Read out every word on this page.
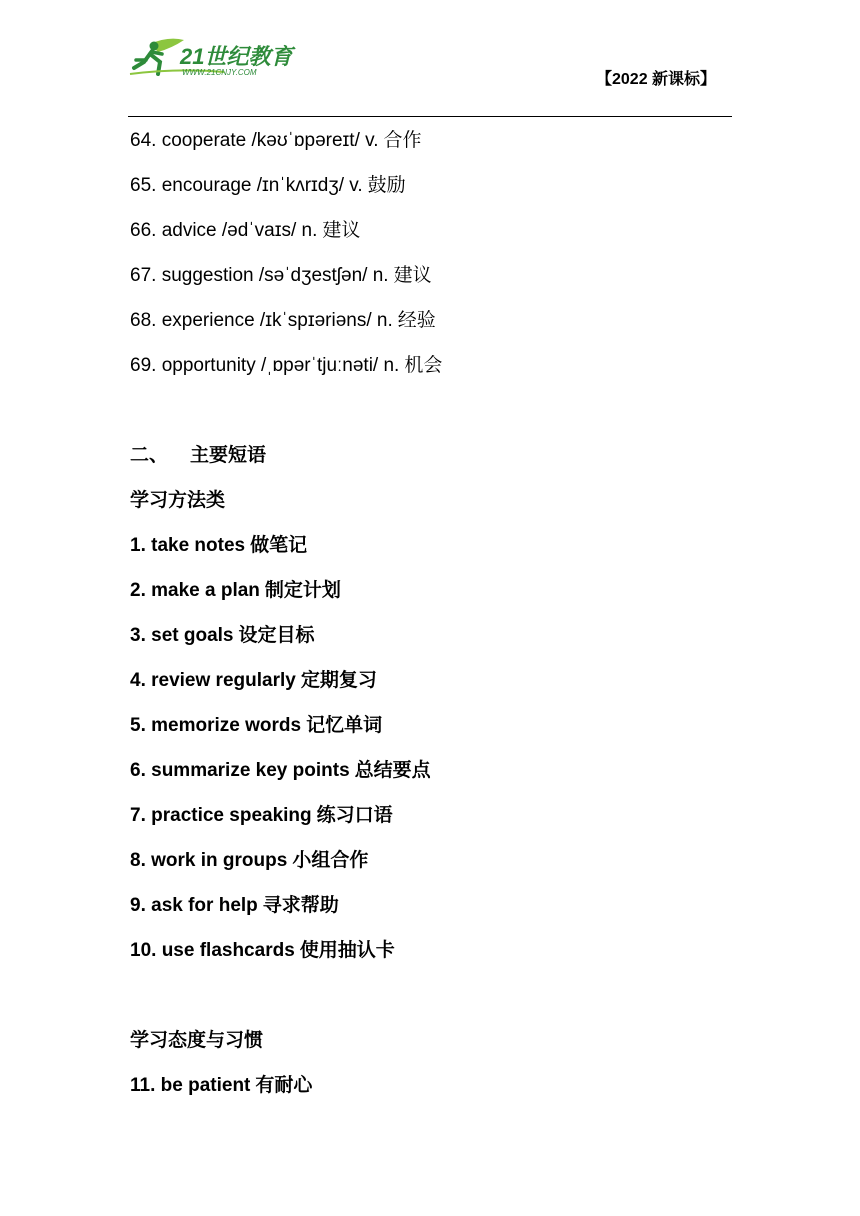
21世纪教育
WWW.21CNJY.COM	【2022 新课标】
64. cooperate /kəʊˈɒpəreɪt/ v. 合作
65. encourage /ɪnˈkʌrɪdʒ/ v. 鼓励
66. advice /ədˈvaɪs/ n. 建议
67. suggestion /səˈdʒestʃən/ n. 建议
68. experience /ɪkˈspɪəriəns/ n. 经验
69. opportunity /ˌɒpərˈtjuːnəti/ n. 机会
二、 主要短语
学习方法类
1. take notes 做笔记
2. make a plan 制定计划
3. set goals 设定目标
4. review regularly 定期复习
5. memorize words 记忆单词
6. summarize key points 总结要点
7. practice speaking 练习口语
8. work in groups 小组合作
9. ask for help 寻求帮助
10. use flashcards 使用抽认卡
学习态度与习惯
11. be patient 有耐心
